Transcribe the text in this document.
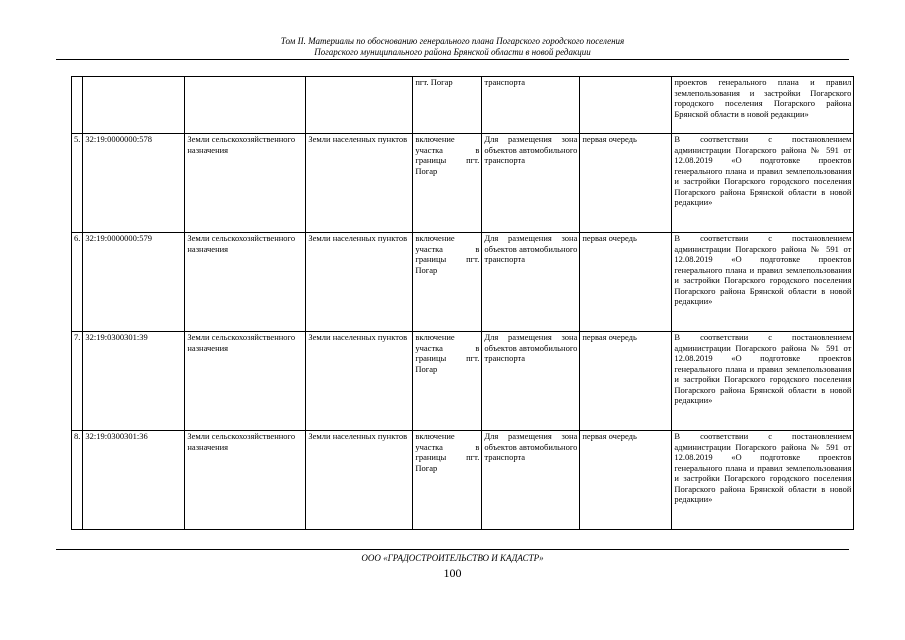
Том II. Материалы по обоснованию генерального плана Погарского городского поселения
Погарского муниципального района Брянской области в новой редакции
				пгт. Погар	транспорта		проектов генерального плана и правил землепользования и застройки Погарского городского поселения Погарского района Брянской области в новой редакции»
5.	32:19:0000000:578	Земли сельскохозяйственного назначения	Земли населенных пунктов	включение участка в границы пгт. Погар	Для размещения зона объектов автомобильного транспорта	первая очередь	В соответствии с постановлением администрации Погарского района № 591 от 12.08.2019 «О подготовке проектов генерального плана и правил землепользования и застройки Погарского городского поселения Погарского района Брянской области в новой редакции»
6.	32:19:0000000:579	Земли сельскохозяйственного назначения	Земли населенных пунктов	включение участка в границы пгт. Погар	Для размещения зона объектов автомобильного транспорта	первая очередь	В соответствии с постановлением администрации Погарского района № 591 от 12.08.2019 «О подготовке проектов генерального плана и правил землепользования и застройки Погарского городского поселения Погарского района Брянской области в новой редакции»
7.	32:19:0300301:39	Земли сельскохозяйственного назначения	Земли населенных пунктов	включение участка в границы пгт. Погар	Для размещения зона объектов автомобильного транспорта	первая очередь	В соответствии с постановлением администрации Погарского района № 591 от 12.08.2019 «О подготовке проектов генерального плана и правил землепользования и застройки Погарского городского поселения Погарского района Брянской области в новой редакции»
8.	32:19:0300301:36	Земли сельскохозяйственного назначения	Земли населенных пунктов	включение участка в границы пгт. Погар	Для размещения зона объектов автомобильного транспорта	первая очередь	В соответствии с постановлением администрации Погарского района № 591 от 12.08.2019 «О подготовке проектов генерального плана и правил землепользования и застройки Погарского городского поселения Погарского района Брянской области в новой редакции»
ООО «ГРАДОСТРОИТЕЛЬСТВО И КАДАСТР»
100
